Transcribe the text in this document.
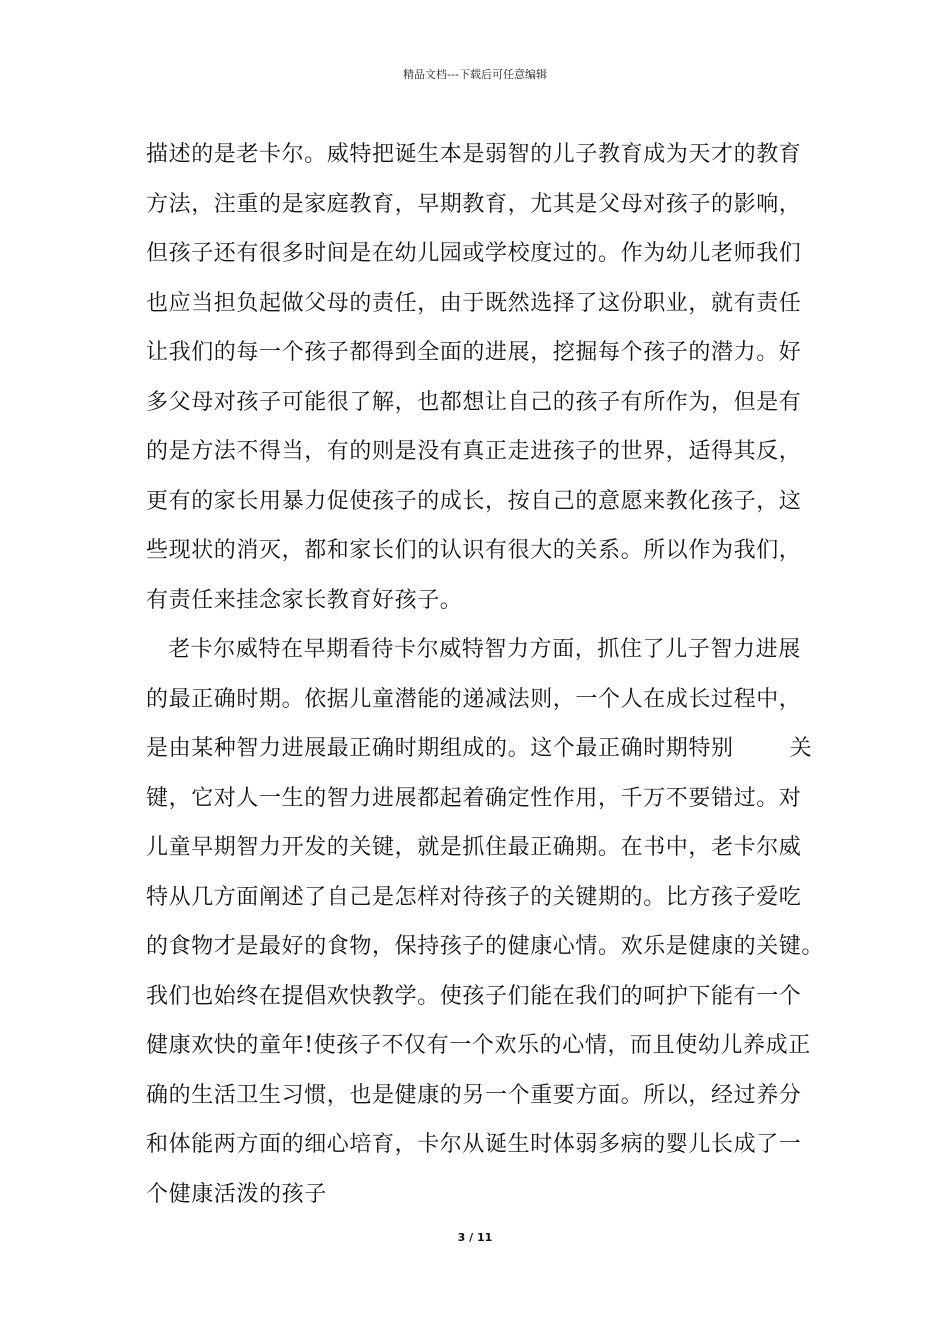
精品文档---下载后可任意编辑
描述的是老卡尔。威特把诞生本是弱智的儿子教育成为天才的教育
方法，注重的是家庭教育，早期教育，尤其是父母对孩子的影响，
但孩子还有很多时间是在幼儿园或学校度过的。作为幼儿老师我们
也应当担负起做父母的责任，由于既然选择了这份职业，就有责任
让我们的每一个孩子都得到全面的进展，挖掘每个孩子的潜力。好
多父母对孩子可能很了解，也都想让自己的孩子有所作为，但是有
的是方法不得当，有的则是没有真正走进孩子的世界，适得其反，
更有的家长用暴力促使孩子的成长，按自己的意愿来教化孩子，这
些现状的消灭，都和家长们的认识有很大的关系。所以作为我们，
有责任来挂念家长教育好孩子。
老卡尔威特在早期看待卡尔威特智力方面，抓住了儿子智力进展
的最正确时期。依据儿童潜能的递减法则，一个人在成长过程中，
是由某种智力进展最正确时期组成的。这个最正确时期特别	关
键，它对人一生的智力进展都起着确定性作用，千万不要错过。对
儿童早期智力开发的关键，就是抓住最正确期。在书中，老卡尔威
特从几方面阐述了自己是怎样对待孩子的关键期的。比方孩子爱吃
的食物才是最好的食物，保持孩子的健康心情。欢乐是健康的关键。
我们也始终在提倡欢快教学。使孩子们能在我们的呵护下能有一个
健康欢快的童年!使孩子不仅有一个欢乐的心情，而且使幼儿养成正
确的生活卫生习惯，也是健康的另一个重要方面。所以，经过养分
和体能两方面的细心培育，卡尔从诞生时体弱多病的婴儿长成了一
个健康活泼的孩子
3 / 11
